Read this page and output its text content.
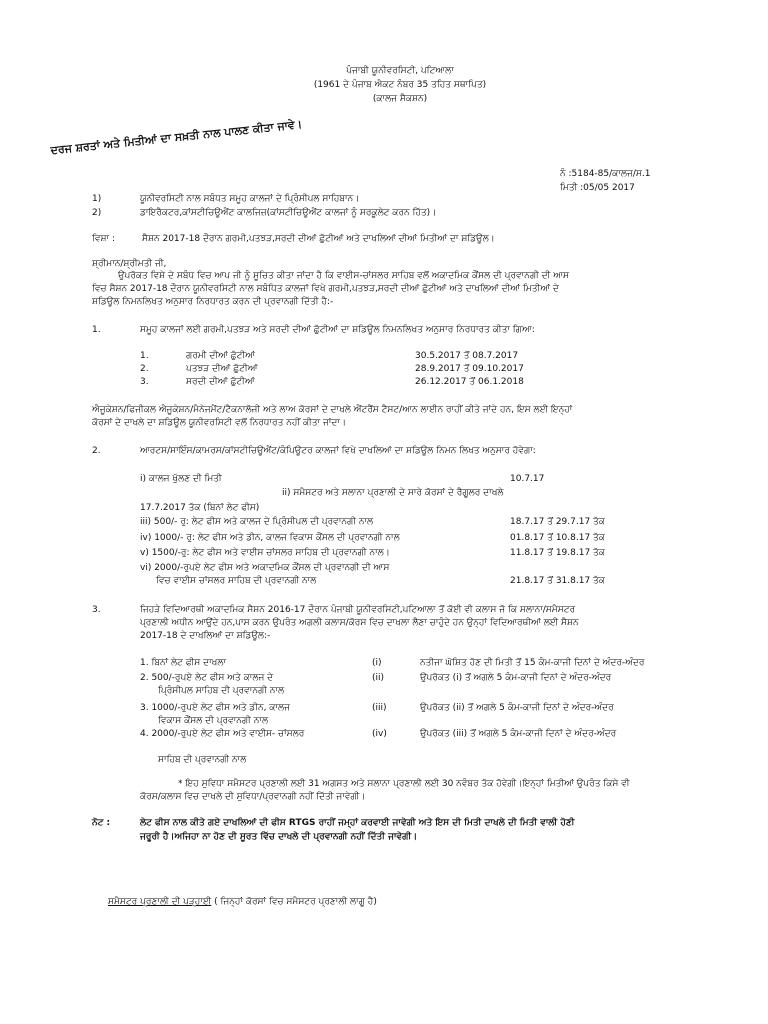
ਪੰਜਾਬੀ ਯੂਨੀਵਰਸਿਟੀ, ਪਟਿਆਲਾ
(1961 ਦੇ ਪੰਜਾਬ ਐਕਟ ਨੰਬਰ 35 ਤਹਿਤ ਸਥਾਪਿਤ)
(ਕਾਲਜ ਸੈਕਸ਼ਨ)
ਦਰਜ ਸ਼ਰਤਾਂ ਅਤੇ ਮਿਤੀਆਂ ਦਾ ਸਖ਼ਤੀ ਨਾਲ ਪਾਲਣ ਕੀਤਾ ਜਾਵੇ।
ਨੰ :5184-85/ਕਾਲਜ/ਸ.1
ਮਿਤੀ :05/05 2017
1)	ਯੂਨੀਵਰਸਿਟੀ ਨਾਲ ਸਬੰਧਤ ਸਮੂਹ ਕਾਲਜਾਂ ਦੇ ਪ੍ਰਿੰਸੀਪਲ ਸਾਹਿਬਾਨ।
2)	ਡਾਇਰੈਕਟਰ,ਕਾਂਸਟੀਚਿਊਐਂਟ ਕਾਲਜਿਜ਼(ਕਾਂਸਟੀਚਿਊਐਂਟ ਕਾਲਜਾਂ ਨੂੰ ਸਰਕੂਲੇਟ ਕਰਨ ਹਿੱਤ)।
ਵਿਸ਼ਾ :	ਸੈਸ਼ਨ 2017-18 ਦੌਰਾਨ ਗਰਮੀ,ਪਤਝੜ,ਸਰਦੀ ਦੀਆਂ ਛੁੱਟੀਆਂ ਅਤੇ ਦਾਖਲਿਆਂ ਦੀਆਂ ਮਿਤੀਆਂ ਦਾ ਸ਼ਡਿਊਲ।
ਸ਼੍ਰੀਮਾਨ/ਸ਼੍ਰੀਮਤੀ ਜੀ,
ਉਪਰੋਕਤ ਵਿਸ਼ੇ ਦੇ ਸਬੰਧ ਵਿਚ ਆਪ ਜੀ ਨੂੰ ਸੂਚਿਤ ਕੀਤਾ ਜਾਂਦਾ ਹੈ ਕਿ ਵਾਈਸ-ਚਾਂਸਲਰ ਸਾਹਿਬ ਵਲੋਂ ਅਕਾਦਮਿਕ ਕੌਂਸਲ ਦੀ ਪ੍ਰਵਾਨਗੀ ਦੀ ਆਸ
ਵਿਚ ਸੈਸ਼ਨ 2017-18 ਦੌਰਾਨ ਯੂਨੀਵਰਸਿਟੀ ਨਾਲ ਸਬੰਧਿਤ ਕਾਲਜਾਂ ਵਿਖੇ ਗਰਮੀ,ਪਤਝੜ,ਸਰਦੀ ਦੀਆਂ ਛੁੱਟੀਆਂ ਅਤੇ ਦਾਖਲਿਆਂ ਦੀਆਂ ਮਿਤੀਆਂ ਦੇ
ਸ਼ਡਿਊਲ ਨਿਮਨਲਿਖਤ ਅਨੁਸਾਰ ਨਿਰਧਾਰਤ ਕਰਨ ਦੀ ਪ੍ਰਵਾਨਗੀ ਦਿੱਤੀ ਹੈ:-
1.	ਸਮੂਹ ਕਾਲਜਾਂ ਲਈ ਗਰਮੀ,ਪਤਝੜ ਅਤੇ ਸਰਦੀ ਦੀਆਂ ਛੁੱਟੀਆਂ ਦਾ ਸ਼ਡਿਊਲ ਨਿਮਨਲਿਖਤ ਅਨੁਸਾਰ ਨਿਰਧਾਰਤ ਕੀਤਾ ਗਿਆ:
1.	ਗਰਮੀ ਦੀਆਂ ਛੁੱਟੀਆਂ	30.5.2017 ਤੋਂ 08.7.2017
2.	ਪਤਝੜ ਦੀਆਂ ਛੁੱਟੀਆਂ	28.9.2017 ਤੋਂ 09.10.2017
3.	ਸਰਦੀ ਦੀਆਂ ਛੁੱਟੀਆਂ	26.12.2017 ਤੋਂ 06.1.2018
ਐਜੂਕੇਸ਼ਨ/ਫਿਜੀਕਲ ਐਜੂਕੇਸ਼ਨ/ਮੈਨੇਜਮੈਂਟ/ਟੈਕਨਾਲੋਜੀ ਅਤੇ ਲਾਅ ਕੋਰਸਾਂ ਦੇ ਦਾਖਲੇ ਐਂਟਰੈਂਸ ਟੈਸਟ/ਆਨ ਲਾਈਨ ਰਾਹੀਂ ਕੀਤੇ ਜਾਂਦੇ ਹਨ, ਇਸ ਲਈ ਇਨ੍ਹਾਂ
ਕੋਰਸਾਂ ਦੇ ਦਾਖਲੇ ਦਾ ਸ਼ਡਿਊਲ ਯੂਨੀਵਰਸਿਟੀ ਵਲੋਂ ਨਿਰਧਾਰਤ ਨਹੀਂ ਕੀਤਾ ਜਾਂਦਾ।
2.	ਆਰਟਸ/ਸਾਇੰਸ/ਕਾਮਰਸ/ਕਾਂਸਟੀਚਿਊਐਂਟ/ਕੰਪਿਊਟਰ ਕਾਲਜਾਂ ਵਿਖੇ ਦਾਖਲਿਆਂ ਦਾ ਸ਼ਡਿਊਲ ਨਿਮਨ ਲਿਖਤ ਅਨੁਸਾਰ ਹੋਵੇਗਾ:
i) ਕਾਲਜ ਖੁੱਲਣ ਦੀ ਮਿਤੀ	10.7.17
ii) ਸਮੈਸਟਰ ਅਤੇ ਸਲਾਨਾ ਪ੍ਰਣਾਲੀ ਦੇ ਸਾਰੇ ਕੋਰਸਾਂ ਦੇ ਰੈਗੂਲਰ ਦਾਖਲੇ
17.7.2017 ਤੱਕ (ਬਿਨਾਂ ਲੇਟ ਫੀਸ)
iii) 500/- ਰੁ: ਲੇਟ ਫੀਸ ਅਤੇ ਕਾਲਜ ਦੇ ਪ੍ਰਿੰਸੀਪਲ ਦੀ ਪ੍ਰਵਾਨਗੀ ਨਾਲ	18.7.17 ਤੋਂ 29.7.17 ਤੱਕ
iv) 1000/- ਰੁ: ਲੇਟ ਫੀਸ ਅਤੇ ਡੀਨ, ਕਾਲਜ ਵਿਕਾਸ ਕੌਂਸਲ ਦੀ ਪ੍ਰਵਾਨਗੀ ਨਾਲ	01.8.17 ਤੋਂ 10.8.17 ਤੱਕ
v) 1500/-ਰੁ: ਲੇਟ ਫੀਸ ਅਤੇ ਵਾਈਸ ਚਾਂਸਲਰ ਸਾਹਿਬ ਦੀ ਪ੍ਰਵਾਨਗੀ ਨਾਲ।	11.8.17 ਤੋਂ 19.8.17 ਤੱਕ
vi) 2000/-ਰੁਪਏ ਲੇਟ ਫੀਸ ਅਤੇ ਅਕਾਦਮਿਕ ਕੌਂਸਲ ਦੀ ਪ੍ਰਵਾਨਗੀ ਦੀ ਆਸ
ਵਿਚ ਵਾਈਸ ਚਾਂਸਲਰ ਸਾਹਿਬ ਦੀ ਪ੍ਰਵਾਨਗੀ ਨਾਲ	21.8.17 ਤੋਂ 31.8.17 ਤੱਕ
3.	ਜਿਹੜੇ ਵਿਦਿਆਰਥੀ ਅਕਾਦਮਿਕ ਸੈਸ਼ਨ 2016-17 ਦੌਰਾਨ ਪੰਜਾਬੀ ਯੂਨੀਵਰਸਿਟੀ,ਪਟਿਆਲਾ ਤੋਂ ਕੋਈ ਵੀ ਕਲਾਸ ਜੋ ਕਿ ਸਲਾਨਾ/ਸਮੈਸਟਰ
ਪ੍ਰਣਾਲੀ ਅਧੀਨ ਆਉਂਦੇ ਹਨ,ਪਾਸ ਕਰਨ ਉਪਰੰਤ ਅਗਲੀ ਕਲਾਸ/ਕੋਰਸ ਵਿਚ ਦਾਖਲਾ ਲੈਣਾ ਚਾਹੁੰਦੇ ਹਨ ਉਨ੍ਹਾਂ ਵਿਦਿਆਰਥੀਆਂ ਲਈ ਸੈਸ਼ਨ
2017-18 ਦੇ ਦਾਖਲਿਆਂ ਦਾ ਸ਼ਡਿਊਲ:-
1. ਬਿਨਾਂ ਲੇਟ ਫੀਸ ਦਾਖਲਾ	(i)	ਨਤੀਜਾ ਘੋਸ਼ਿਤ ਹੋਣ ਦੀ ਮਿਤੀ ਤੋਂ 15 ਕੰਮ-ਕਾਜੀ ਦਿਨਾਂ ਦੇ ਅੰਦਰ-ਅੰਦਰ
2. 500/-ਰੁਪਏ ਲੇਟ ਫੀਸ ਅਤੇ ਕਾਲਜ ਦੇ
ਪ੍ਰਿੰਸੀਪਲ ਸਾਹਿਬ ਦੀ ਪ੍ਰਵਾਨਗੀ ਨਾਲ
(ii)	ਉਪਰੋਕਤ (i) ਤੋਂ ਅਗਲੇ 5 ਕੰਮ-ਕਾਜੀ ਦਿਨਾਂ ਦੇ ਅੰਦਰ-ਅੰਦਰ
3. 1000/-ਰੁਪਏ ਲੇਟ ਫੀਸ ਅਤੇ ਡੀਨ, ਕਾਲਜ
ਵਿਕਾਸ ਕੌਂਸਲ ਦੀ ਪ੍ਰਵਾਨਗੀ ਨਾਲ
(iii)	ਉਪਰੋਕਤ (ii) ਤੋਂ ਅਗਲੇ 5 ਕੰਮ-ਕਾਜੀ ਦਿਨਾਂ ਦੇ ਅੰਦਰ-ਅੰਦਰ
4. 2000/-ਰੁਪਏ ਲੇਟ ਫੀਸ ਅਤੇ ਵਾਈਸ- ਚਾਂਸਲਰ
ਸਾਹਿਬ ਦੀ ਪ੍ਰਵਾਨਗੀ ਨਾਲ
(iv)	ਉਪਰੋਕਤ (iii) ਤੋਂ ਅਗਲੇ 5 ਕੰਮ-ਕਾਜੀ ਦਿਨਾਂ ਦੇ ਅੰਦਰ-ਅੰਦਰ
* ਇਹ ਸੁਵਿਧਾ ਸਮੈਸਟਰ ਪ੍ਰਣਾਲੀ ਲਈ 31 ਅਗਸਤ ਅਤੇ ਸਲਾਨਾ ਪ੍ਰਣਾਲੀ ਲਈ 30 ਨਵੰਬਰ ਤੱਕ ਹੋਵੇਗੀ।ਇਨ੍ਹਾਂ ਮਿਤੀਆਂ ਉਪਰੰਤ ਕਿਸੇ ਵੀ
ਕੋਰਸ/ਕਲਾਸ ਵਿਚ ਦਾਖਲੇ ਦੀ ਸੁਵਿਧਾ/ਪ੍ਰਵਾਨਗੀ ਨਹੀਂ ਦਿੱਤੀ ਜਾਵੇਗੀ।
ਨੋਟ :	ਲੇਟ ਫੀਸ ਨਾਲ ਕੀਤੇ ਗਏ ਦਾਖਲਿਆਂ ਦੀ ਫੀਸ RTGS ਰਾਹੀਂ ਜਮ੍ਹਾਂ ਕਰਵਾਈ ਜਾਵੇਗੀ ਅਤੇ ਇਸ ਦੀ ਮਿਤੀ ਦਾਖਲੇ ਦੀ ਮਿਤੀ ਵਾਲੀ ਹੋਣੀ
ਜਰੂਰੀ ਹੈ।ਅਜਿਹਾ ਨਾ ਹੋਣ ਦੀ ਸੂਰਤ ਵਿੱਚ ਦਾਖਲੇ ਦੀ ਪ੍ਰਵਾਨਗੀ ਨਹੀਂ ਦਿੱਤੀ ਜਾਵੇਗੀ।
ਸਮੈਸਟਰ ਪ੍ਰਣਾਲੀ ਦੀ ਪੜ੍ਹਾਈ ( ਜਿਨ੍ਹਾਂ ਕੋਰਸਾਂ ਵਿਚ ਸਮੈਸਟਰ ਪ੍ਰਣਾਲੀ ਲਾਗੂ ਹੈ)
